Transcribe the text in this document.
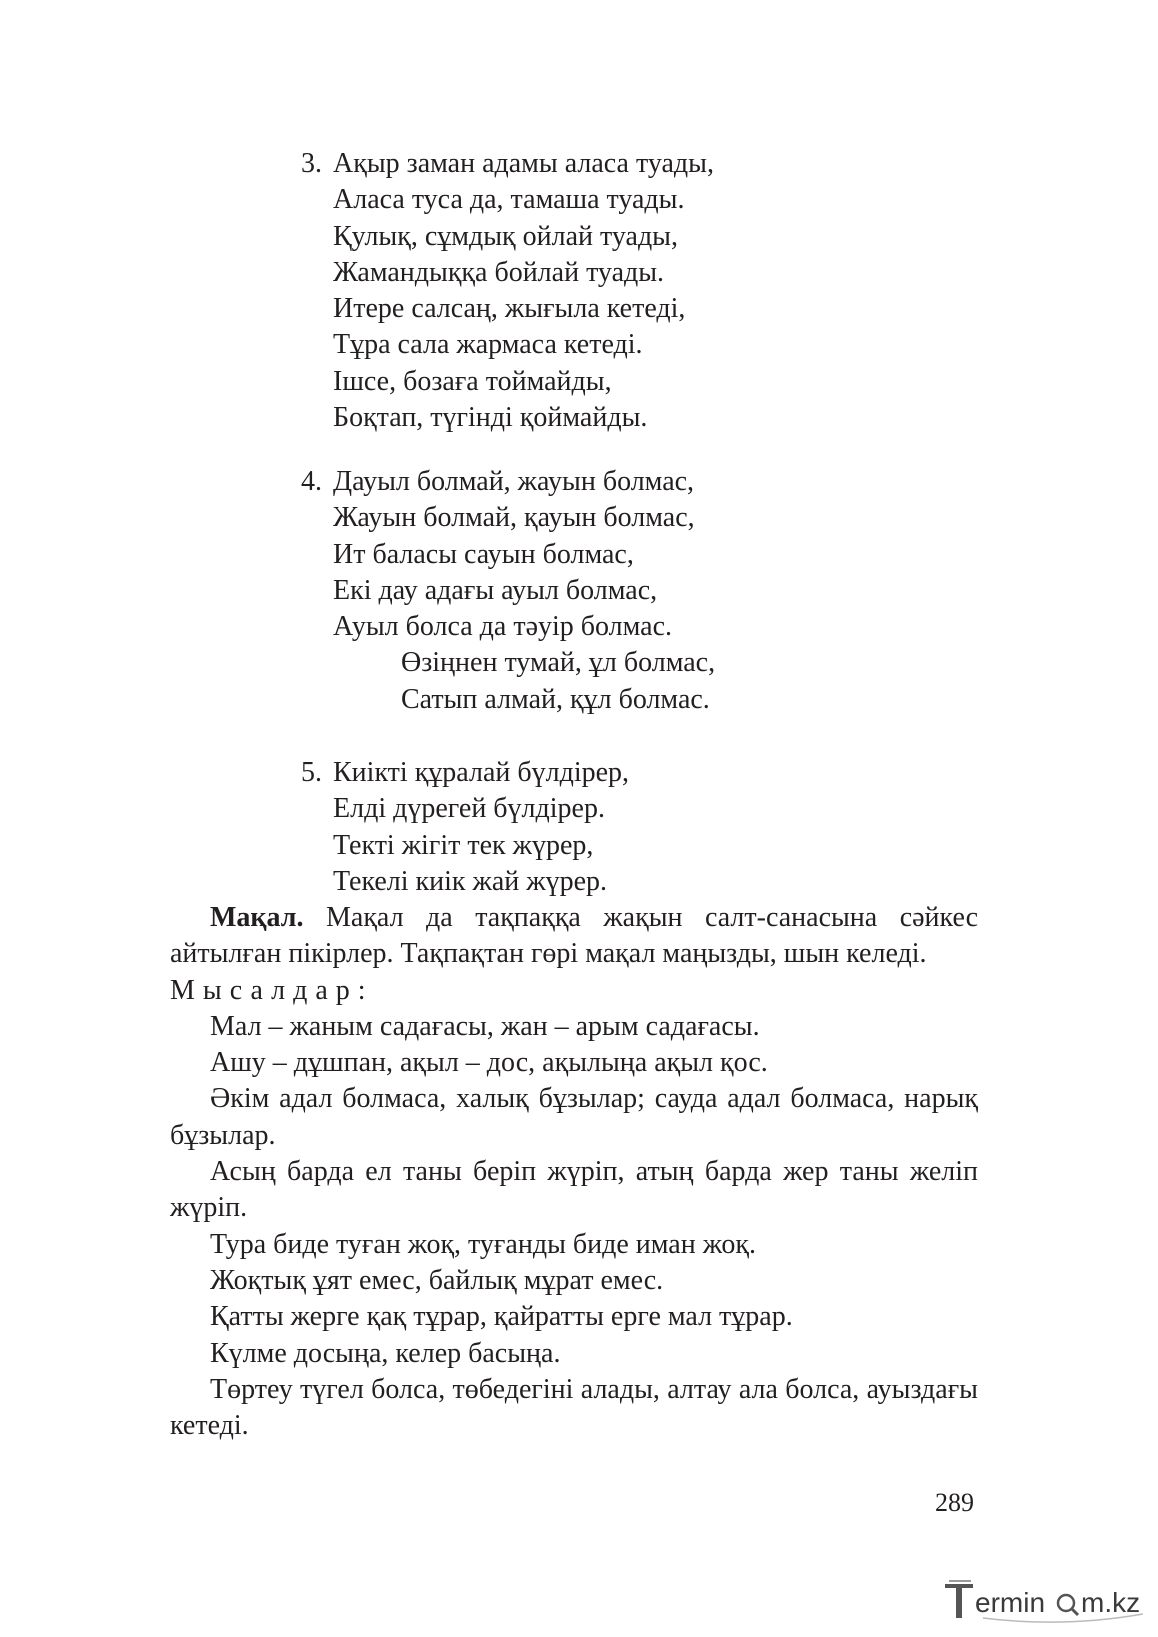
3. Ақыр заман адамы аласа туады,
Аласа туса да, тамаша туады.
Қулық, сұмдық ойлай туады,
Жамандыққа бойлай туады.
Итере салсаң, жығыла кетеді,
Тұра сала жармаса кетеді.
Ішсе, бозаға тоймайды,
Боқтап, түгінді қоймайды.
4. Дауыл болмай, жауын болмас,
Жауын болмай, қауын болмас,
Ит баласы сауын болмас,
Екі дау адағы ауыл болмас,
Ауыл болса да тәуір болмас.
Өзіңнен тумай, ұл болмас,
Сатып алмай, құл болмас.
5. Киікті құралай бүлдірер,
Елді дүрегей бүлдірер.
Текті жігіт тек жүрер,
Текелі киік жай жүрер.

Мақал. Мақал да тақпаққа жақын салт-санасына сәйкес айтылған пікірлер. Тақпақтан гөрі мақал маңызды, шын келеді.

Мысалдар:

Мал – жаным садағасы, жан – арым садағасы.

Ашу – дұшпан, ақыл – дос, ақылыңа ақыл қос.

Әкім адал болмаса, халық бұзылар; сауда адал болмаса, нарық бұзылар.

Асың барда ел таны беріп жүріп, атың барда жер таны желіп жүріп.

Тура биде туған жоқ, туғанды биде иман жоқ.

Жоқтық ұят емес, байлық мұрат емес.

Қатты жерге қақ тұрар, қайратты ерге мал тұрар.

Күлме досыңа, келер басыңа.

Төртеу түгел болса, төбедегіні алады, алтау ала болса, ауыздағы кетеді.

289
ermin m.kz
